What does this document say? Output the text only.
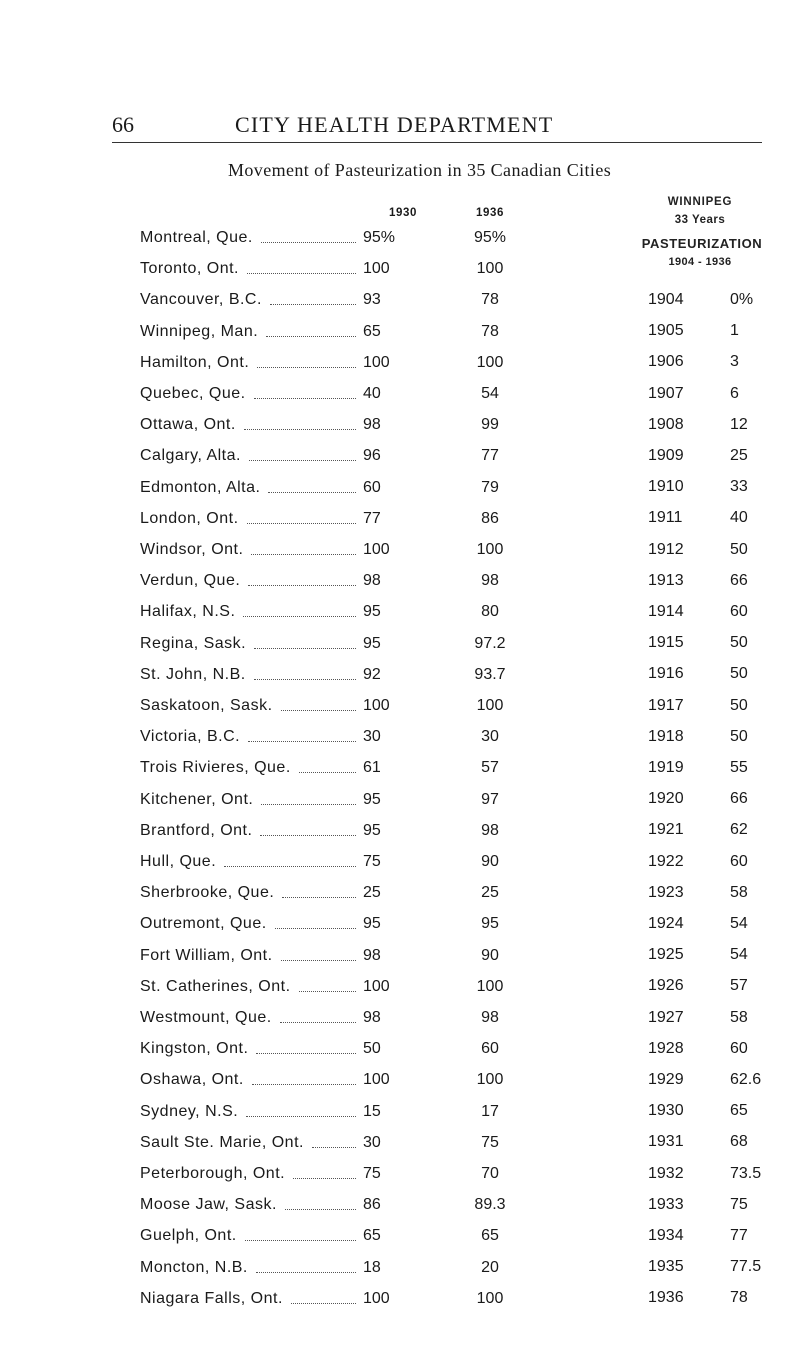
66	CITY HEALTH DEPARTMENT
Movement of Pasteurization in 35 Canadian Cities
1930	1936
WINNIPEG
33 Years
PASTEURIZATION
1904 - 1936
Montreal, Que.	95%	95%
Toronto, Ont.	100	100
Vancouver, B.C.	93	78
Winnipeg, Man.	65	78
Hamilton, Ont.	100	100
Quebec, Que.	40	54
Ottawa, Ont.	98	99
Calgary, Alta.	96	77
Edmonton, Alta.	60	79
London, Ont.	77	86
Windsor, Ont.	100	100
Verdun, Que.	98	98
Halifax, N.S.	95	80
Regina, Sask.	95	97.2
St. John, N.B.	92	93.7
Saskatoon, Sask.	100	100
Victoria, B.C.	30	30
Trois Rivieres, Que.	61	57
Kitchener, Ont.	95	97
Brantford, Ont.	95	98
Hull, Que.	75	90
Sherbrooke, Que.	25	25
Outremont, Que.	95	95
Fort William, Ont.	98	90
St. Catherines, Ont.	100	100
Westmount, Que.	98	98
Kingston, Ont.	50	60
Oshawa, Ont.	100	100
Sydney, N.S.	15	17
Sault Ste. Marie, Ont.	30	75
Peterborough, Ont.	75	70
Moose Jaw, Sask.	86	89.3
Guelph, Ont.	65	65
Moncton, N.B.	18	20
Niagara Falls, Ont.	100	100
1904	0%
1905	1
1906	3
1907	6
1908	12
1909	25
1910	33
1911	40
1912	50
1913	66
1914	60
1915	50
1916	50
1917	50
1918	50
1919	55
1920	66
1921	62
1922	60
1923	58
1924	54
1925	54
1926	57
1927	58
1928	60
1929	62.6
1930	65
1931	68
1932	73.5
1933	75
1934	77
1935	77.5
1936	78
